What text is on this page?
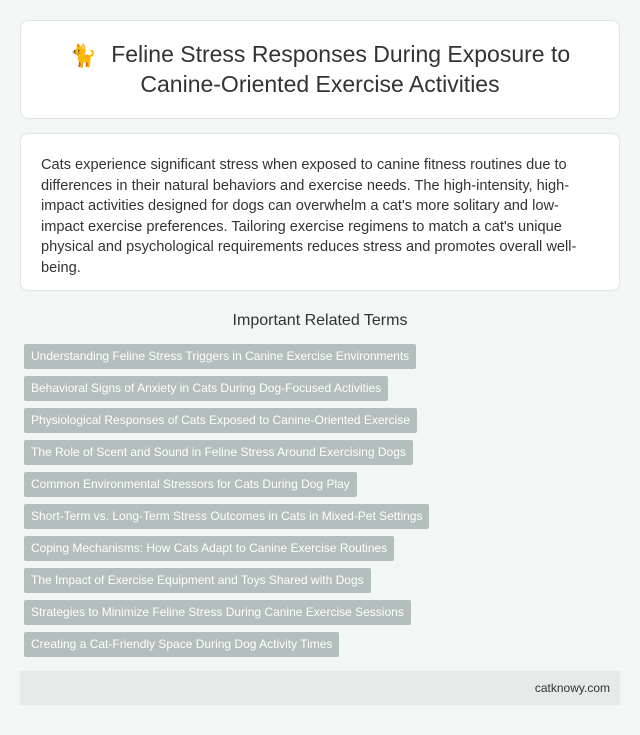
🐈 Feline Stress Responses During Exposure to Canine-Oriented Exercise Activities

Cats experience significant stress when exposed to canine fitness routines due to differences in their natural behaviors and exercise needs. The high-intensity, high-impact activities designed for dogs can overwhelm a cat's more solitary and low-impact exercise preferences. Tailoring exercise regimens to match a cat's unique physical and psychological requirements reduces stress and promotes overall well-being.

Important Related Terms
Understanding Feline Stress Triggers in Canine Exercise Environments
Behavioral Signs of Anxiety in Cats During Dog-Focused Activities
Physiological Responses of Cats Exposed to Canine-Oriented Exercise
The Role of Scent and Sound in Feline Stress Around Exercising Dogs
Common Environmental Stressors for Cats During Dog Play
Short-Term vs. Long-Term Stress Outcomes in Cats in Mixed-Pet Settings
Coping Mechanisms: How Cats Adapt to Canine Exercise Routines
The Impact of Exercise Equipment and Toys Shared with Dogs
Strategies to Minimize Feline Stress During Canine Exercise Sessions
Creating a Cat-Friendly Space During Dog Activity Times
catknowy.com
